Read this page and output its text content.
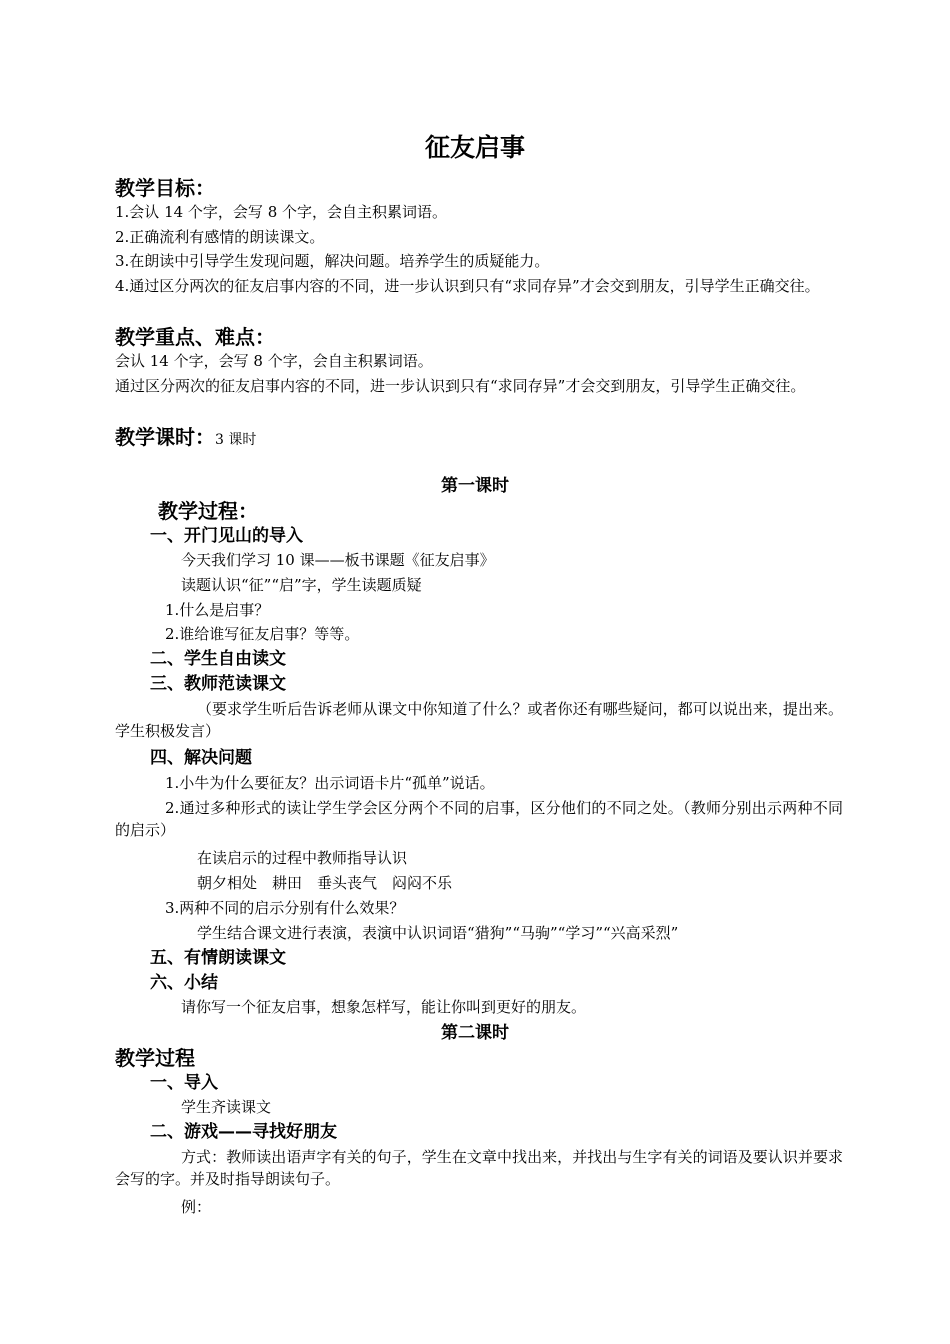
征友启事
教学目标：
1.会认 14 个字，会写 8 个字，会自主积累词语。
2.正确流利有感情的朗读课文。
3.在朗读中引导学生发现问题，解决问题。培养学生的质疑能力。
4.通过区分两次的征友启事内容的不同，进一步认识到只有“求同存异”才会交到朋友，引导学生正确交往。
教学重点、难点：
会认 14 个字，会写 8 个字，会自主积累词语。
通过区分两次的征友启事内容的不同，进一步认识到只有“求同存异”才会交到朋友，引导学生正确交往。
教学课时：3 课时
第一课时
教学过程：
一、开门见山的导入
今天我们学习 10 课——板书课题《征友启事》
读题认识“征”“启”字，学生读题质疑
1.什么是启事？
2.谁给谁写征友启事？等等。
二、学生自由读文
三、教师范读课文
（要求学生听后告诉老师从课文中你知道了什么？或者你还有哪些疑问，都可以说出来，提出来。学生积极发言）
四、解决问题
1.小牛为什么要征友？出示词语卡片“孤单”说话。
2.通过多种形式的读让学生学会区分两个不同的启事，区分他们的不同之处。（教师分别出示两种不同的启示）
在读启示的过程中教师指导认识
朝夕相处 耕田 垂头丧气 闷闷不乐
3.两种不同的启示分别有什么效果？
学生结合课文进行表演，表演中认识词语“猎狗”“马驹”“学习”“兴高采烈”
五、有情朗读课文
六、小结
请你写一个征友启事，想象怎样写，能让你叫到更好的朋友。
第二课时
教学过程
一、导入
学生齐读课文
二、游戏——寻找好朋友
方式：教师读出语声字有关的句子，学生在文章中找出来，并找出与生字有关的词语及要认识并要求会写的字。并及时指导朗读句子。
例：
